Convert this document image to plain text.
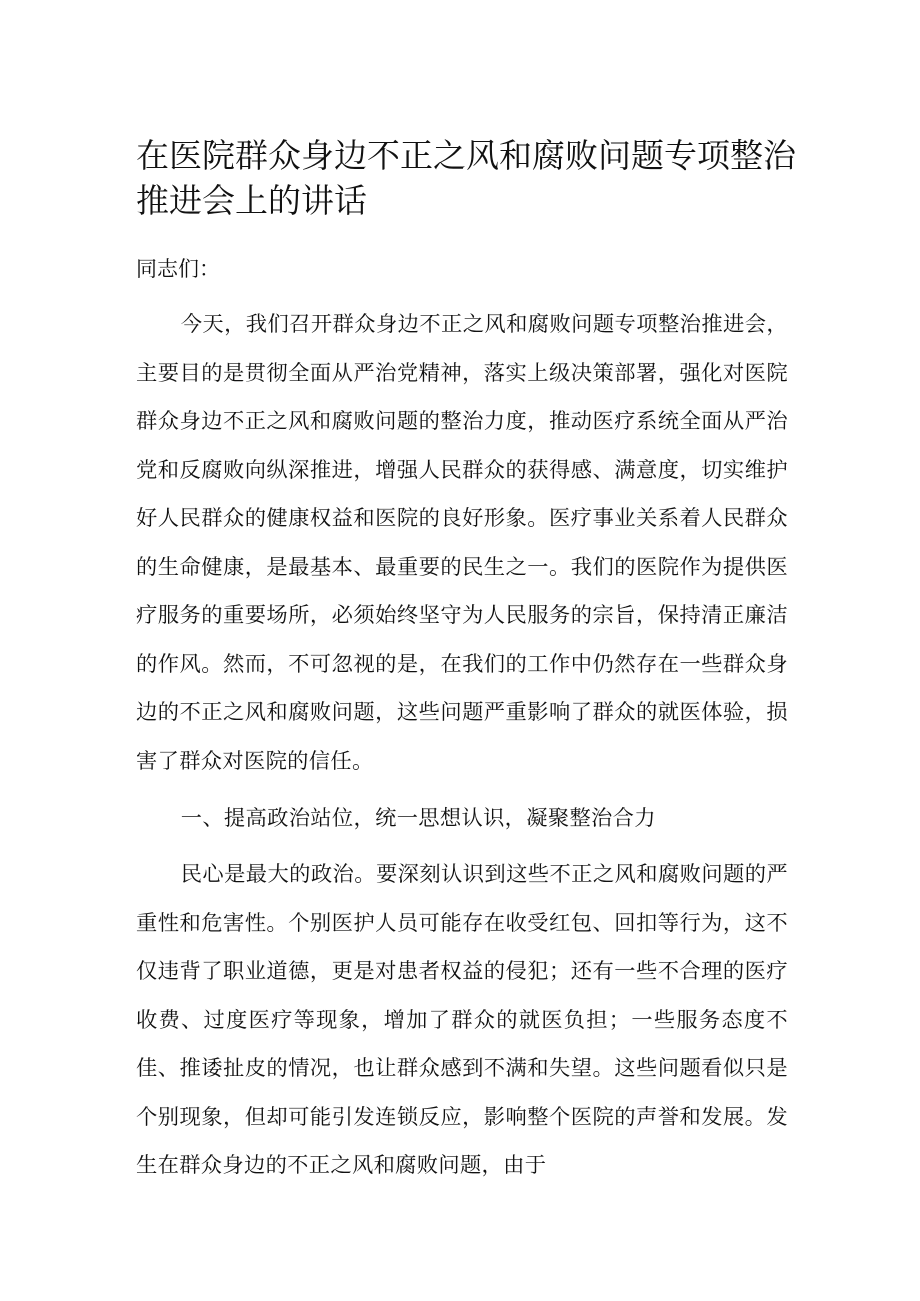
在医院群众身边不正之风和腐败问题专项整治推进会上的讲话

同志们：

今天，我们召开群众身边不正之风和腐败问题专项整治推进会，主要目的是贯彻全面从严治党精神，落实上级决策部署，强化对医院群众身边不正之风和腐败问题的整治力度，推动医疗系统全面从严治党和反腐败向纵深推进，增强人民群众的获得感、满意度，切实维护好人民群众的健康权益和医院的良好形象。医疗事业关系着人民群众的生命健康，是最基本、最重要的民生之一。我们的医院作为提供医疗服务的重要场所，必须始终坚守为人民服务的宗旨，保持清正廉洁的作风。然而，不可忽视的是，在我们的工作中仍然存在一些群众身边的不正之风和腐败问题，这些问题严重影响了群众的就医体验，损害了群众对医院的信任。

一、提高政治站位，统一思想认识，凝聚整治合力

民心是最大的政治。要深刻认识到这些不正之风和腐败问题的严重性和危害性。个别医护人员可能存在收受红包、回扣等行为，这不仅违背了职业道德，更是对患者权益的侵犯；还有一些不合理的医疗收费、过度医疗等现象，增加了群众的就医负担；一些服务态度不佳、推诿扯皮的情况，也让群众感到不满和失望。这些问题看似只是个别现象，但却可能引发连锁反应，影响整个医院的声誉和发展。发生在群众身边的不正之风和腐败问题，由于
